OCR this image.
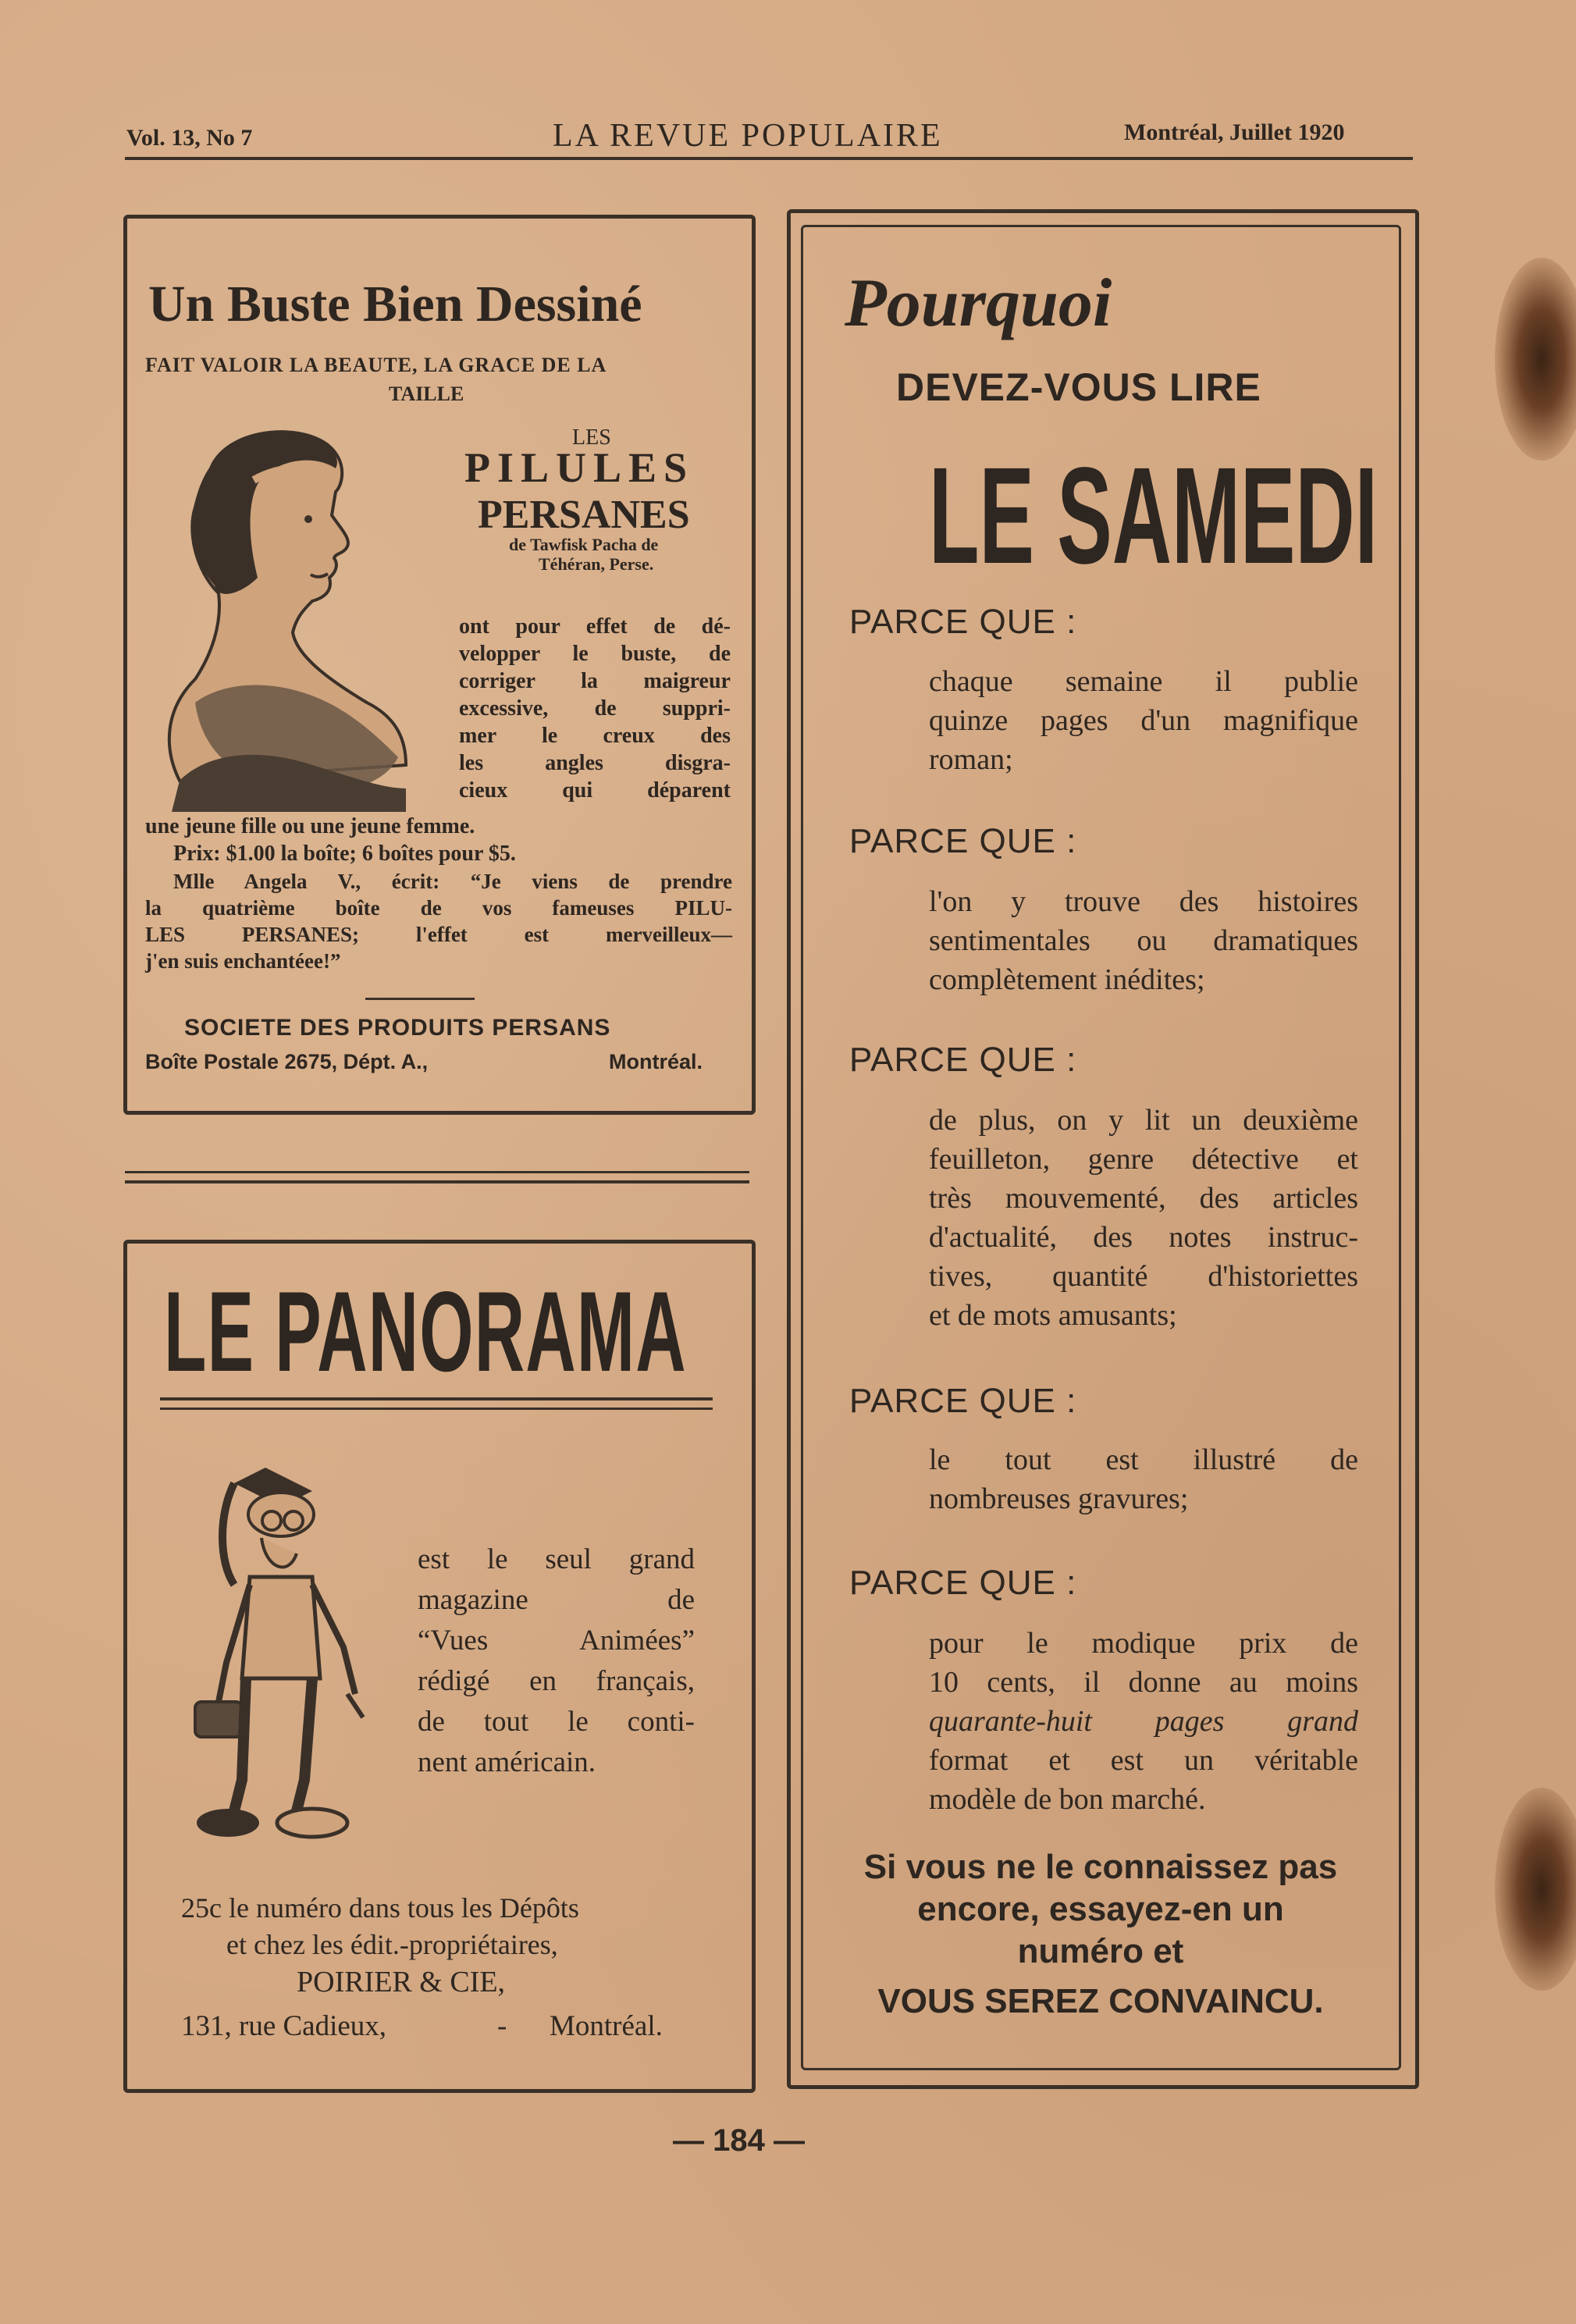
Vol. 13, No 7	LA REVUE POPULAIRE	Montréal, Juillet 1920
Un Buste Bien Dessiné
FAIT VALOIR LA BEAUTE, LA GRACE DE LA
TAILLE
LES
PILULES
PERSANES
de Tawfisk Pacha de
Téhéran, Perse.
ont pour effet de dé-
velopper le buste, de
corriger la maigreur
excessive, de suppri-
mer le creux des
les angles disgra-
cieux qui déparent
une jeune fille ou une jeune femme.
Prix: $1.00 la boîte; 6 boîtes pour $5.
Mlle Angela V., écrit: “Je viens de prendre
la quatrième boîte de vos fameuses PILU-
LES PERSANES; l'effet est merveilleux—
j'en suis enchantéee!”
SOCIETE DES PRODUITS PERSANS
Boîte Postale 2675, Dépt. A.,	Montréal.
LE PANORAMA
est le seul grand
magazine de
“Vues Animées”
rédigé en français,
de tout le conti-
nent américain.
25c le numéro dans tous les Dépôts
et chez les édit.-propriétaires,
POIRIER & CIE,
131, rue Cadieux,	- Montréal.
Pourquoi
DEVEZ-VOUS LIRE
LE SAMEDI
PARCE QUE :
chaque semaine il publie
quinze pages d'un magnifique
roman;
PARCE QUE :
l'on y trouve des histoires
sentimentales ou dramatiques
complètement inédites;
PARCE QUE :
de plus, on y lit un deuxième
feuilleton, genre détective et
très mouvementé, des articles
d'actualité, des notes instruc-
tives, quantité d'historiettes
et de mots amusants;
PARCE QUE :
le tout est illustré de
nombreuses gravures;
PARCE QUE :
pour le modique prix de
10 cents, il donne au moins
quarante-huit pages grand
format et est un véritable
modèle de bon marché.
Si vous ne le connaissez pas
encore, essayez-en un
numéro et
VOUS SEREZ CONVAINCU.
— 184 —
